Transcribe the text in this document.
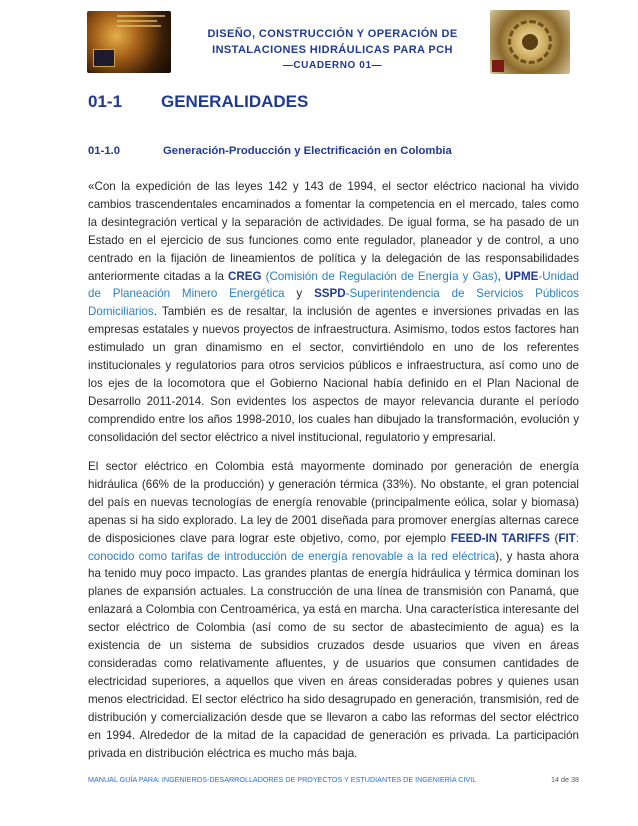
DISEÑO, CONSTRUCCIÓN Y OPERACIÓN DE
INSTALACIONES HIDRÁULICAS PARA PCH
—CUADERNO 01—
01-1 GENERALIDADES
01-1.0	Generación-Producción y Electrificación en Colombia
«Con la expedición de las leyes 142 y 143 de 1994, el sector eléctrico nacional ha vivido cambios trascendentales encaminados a fomentar la competencia en el mercado, tales como la desintegración vertical y la separación de actividades. De igual forma, se ha pasado de un Estado en el ejercicio de sus funciones como ente regulador, planeador y de control, a uno centrado en la fijación de lineamientos de política y la delegación de las responsabilidades anteriormente citadas a la CREG (Comisión de Regulación de Energía y Gas), UPME-Unidad de Planeación Minero Energética y SSPD-Superintendencia de Servicios Públicos Domiciliarios. También es de resaltar, la inclusión de agentes e inversiones privadas en las empresas estatales y nuevos proyectos de infraestructura. Asimismo, todos estos factores han estimulado un gran dinamismo en el sector, convirtiéndolo en uno de los referentes institucionales y regulatorios para otros servicios públicos e infraestructura, así como uno de los ejes de la locomotora que el Gobierno Nacional había definido en el Plan Nacional de Desarrollo 2011-2014. Son evidentes los aspectos de mayor relevancia durante el período comprendido entre los años 1998-2010, los cuales han dibujado la transformación, evolución y consolidación del sector eléctrico a nivel institucional, regulatorio y empresarial.
El sector eléctrico en Colombia está mayormente dominado por generación de energía hidráulica (66% de la producción) y generación térmica (33%). No obstante, el gran potencial del país en nuevas tecnologías de energía renovable (principalmente eólica, solar y biomasa) apenas si ha sido explorado. La ley de 2001 diseñada para promover energías alternas carece de disposiciones clave para lograr este objetivo, como, por ejemplo FEED-IN TARIFFS (FIT: conocido como tarifas de introducción de energía renovable a la red eléctrica), y hasta ahora ha tenido muy poco impacto. Las grandes plantas de energía hidráulica y térmica dominan los planes de expansión actuales. La construcción de una línea de transmisión con Panamá, que enlazará a Colombia con Centroamérica, ya está en marcha. Una característica interesante del sector eléctrico de Colombia (así como de su sector de abastecimiento de agua) es la existencia de un sistema de subsidios cruzados desde usuarios que viven en áreas consideradas como relativamente afluentes, y de usuarios que consumen cantidades de electricidad superiores, a aquellos que viven en áreas consideradas pobres y quienes usan menos electricidad. El sector eléctrico ha sido desagrupado en generación, transmisión, red de distribución y comercialización desde que se llevaron a cabo las reformas del sector eléctrico en 1994. Alrededor de la mitad de la capacidad de generación es privada. La participación privada en distribución eléctrica es mucho más baja.
MANUAL GUÍA PARA: INGENIEROS-DESARROLLADORES DE PROYECTOS Y ESTUDIANTES DE INGENIERÍA CIVIL	14 de 38
